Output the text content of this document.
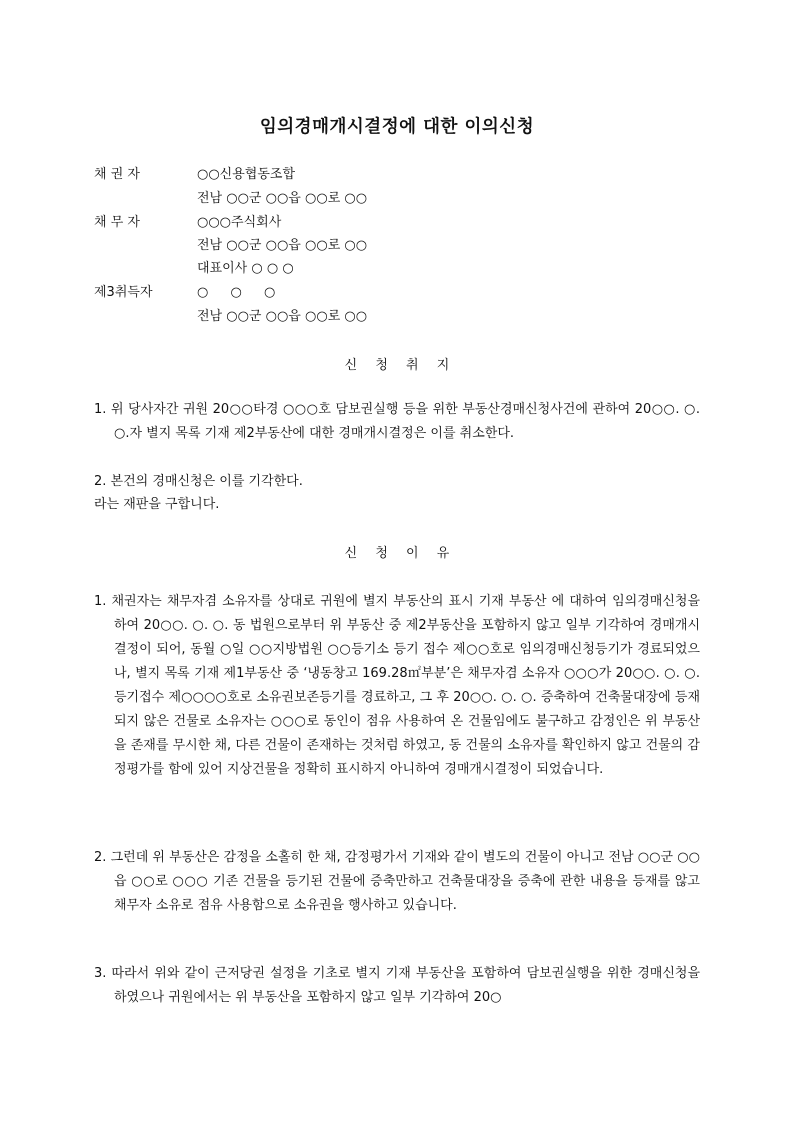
임의경매개시결정에 대한 이의신청
채 권 자	○○신용협동조합
전남 ○○군 ○○읍 ○○로 ○○
채 무 자	○○○주식회사
전남 ○○군 ○○읍 ○○로 ○○
대표이사 ○ ○ ○
제3취득자	○ ○ ○
전남 ○○군 ○○읍 ○○로 ○○
신 청 취 지
1. 위 당사자간 귀원 20○○타경 ○○○호 담보권실행 등을 위한 부동산경매신청사건에 관하여 20○○. ○. ○.자 별지 목록 기재 제2부동산에 대한 경매개시결정은 이를 취소한다.
2. 본건의 경매신청은 이를 기각한다.
라는 재판을 구합니다.
신 청 이 유
1. 채권자는 채무자겸 소유자를 상대로 귀원에 별지 부동산의 표시 기재 부동산 에 대하여 임의경매신청을 하여 20○○. ○. ○. 동 법원으로부터 위 부동산 중 제2부동산을 포함하지 않고 일부 기각하여 경매개시결정이 되어, 동월 ○일 ○○지방법원 ○○등기소 등기 접수 제○○호로 임의경매신청등기가 경료되었으나, 별지 목록 기재 제1부동산 중 ‘냉동창고 169.28㎡부분’은 채무자겸 소유자 ○○○가 20○○. ○. ○. 등기접수 제○○○○호로 소유권보존등기를 경료하고, 그 후 20○○. ○. ○. 증축하여 건축물대장에 등재되지 않은 건물로 소유자는 ○○○로 동인이 점유 사용하여 온 건물임에도 불구하고 감정인은 위 부동산을 존재를 무시한 채, 다른 건물이 존재하는 것처럼 하였고, 동 건물의 소유자를 확인하지 않고 건물의 감정평가를 함에 있어 지상건물을 정확히 표시하지 아니하여 경매개시결정이 되었습니다.
2. 그런데 위 부동산은 감정을 소홀히 한 채, 감정평가서 기재와 같이 별도의 건물이 아니고 전남 ○○군 ○○읍 ○○로 ○○○ 기존 건물을 등기된 건물에 증축만하고 건축물대장을 증축에 관한 내용을 등재를 않고 채무자 소유로 점유 사용함으로 소유권을 행사하고 있습니다.
3. 따라서 위와 같이 근저당권 설정을 기초로 별지 기재 부동산을 포함하여 담보권실행을 위한 경매신청을 하였으나 귀원에서는 위 부동산을 포함하지 않고 일부 기각하여 20○
